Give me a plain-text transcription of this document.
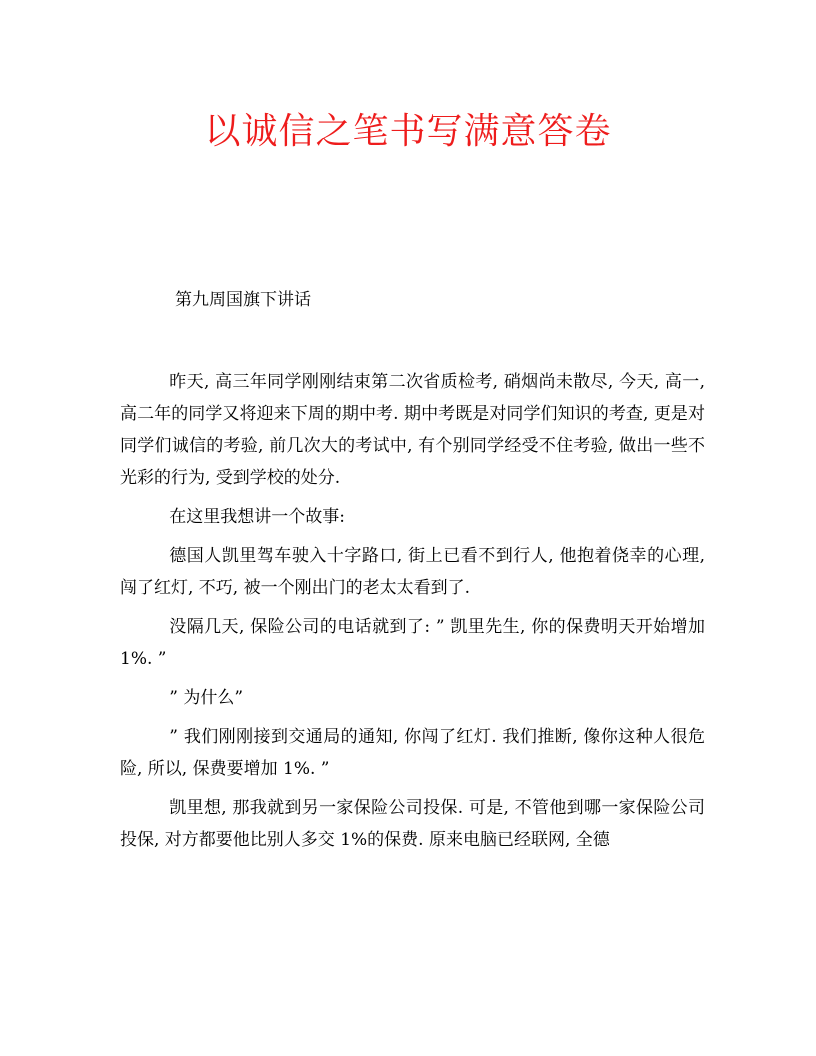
以诚信之笔书写满意答卷
第九周国旗下讲话

昨天, 高三年同学刚刚结束第二次省质检考, 硝烟尚未散尽, 今天, 高一, 高二年的同学又将迎来下周的期中考. 期中考既是对同学们知识的考查, 更是对同学们诚信的考验, 前几次大的考试中, 有个别同学经受不住考验, 做出一些不光彩的行为, 受到学校的处分.

在这里我想讲一个故事:

德国人凯里驾车驶入十字路口, 街上已看不到行人, 他抱着侥幸的心理, 闯了红灯, 不巧, 被一个刚出门的老太太看到了.

没隔几天, 保险公司的电话就到了: ” 凯里先生, 你的保费明天开始增加 1%. ”

” 为什么”

” 我们刚刚接到交通局的通知, 你闯了红灯. 我们推断, 像你这种人很危险, 所以, 保费要增加 1%. ”

凯里想, 那我就到另一家保险公司投保. 可是, 不管他到哪一家保险公司投保, 对方都要他比别人多交 1%的保费. 原来电脑已经联网, 全德
